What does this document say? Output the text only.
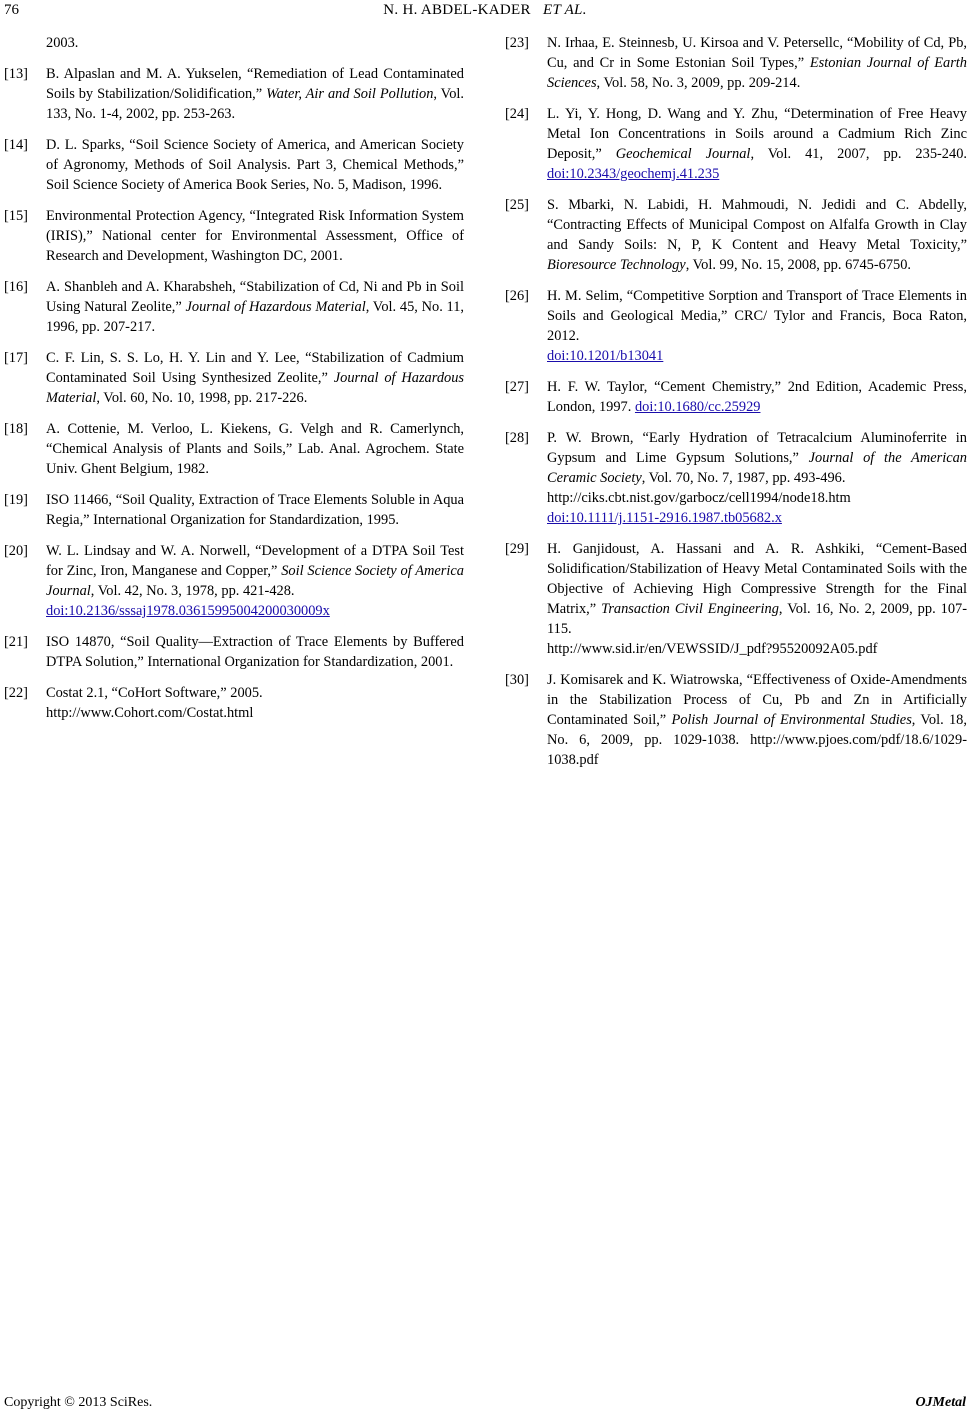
76	N. H. ABDEL-KADER ET AL.
2003.
[13]	B. Alpaslan and M. A. Yukselen, “Remediation of Lead Contaminated Soils by Stabilization/Solidification,” Water, Air and Soil Pollution, Vol. 133, No. 1-4, 2002, pp. 253-263.
[14]	D. L. Sparks, “Soil Science Society of America, and American Society of Agronomy, Methods of Soil Analysis. Part 3, Chemical Methods,” Soil Science Society of America Book Series, No. 5, Madison, 1996.
[15]	Environmental Protection Agency, “Integrated Risk Information System (IRIS),” National center for Environmental Assessment, Office of Research and Development, Washington DC, 2001.
[16]	A. Shanbleh and A. Kharabsheh, “Stabilization of Cd, Ni and Pb in Soil Using Natural Zeolite,” Journal of Hazardous Material, Vol. 45, No. 11, 1996, pp. 207-217.
[17]	C. F. Lin, S. S. Lo, H. Y. Lin and Y. Lee, “Stabilization of Cadmium Contaminated Soil Using Synthesized Zeolite,” Journal of Hazardous Material, Vol. 60, No. 10, 1998, pp. 217-226.
[18]	A. Cottenie, M. Verloo, L. Kiekens, G. Velgh and R. Camerlynch, “Chemical Analysis of Plants and Soils,” Lab. Anal. Agrochem. State Univ. Ghent Belgium, 1982.
[19]	ISO 11466, “Soil Quality, Extraction of Trace Elements Soluble in Aqua Regia,” International Organization for Standardization, 1995.
[20]	W. L. Lindsay and W. A. Norwell, “Development of a DTPA Soil Test for Zinc, Iron, Manganese and Copper,” Soil Science Society of America Journal, Vol. 42, No. 3, 1978, pp. 421-428.
doi:10.2136/sssaj1978.03615995004200030009x
[21]	ISO 14870, “Soil Quality—Extraction of Trace Elements by Buffered DTPA Solution,” International Organization for Standardization, 2001.
[22]	Costat 2.1, “CoHort Software,” 2005.
http://www.Cohort.com/Costat.html
[23]	N. Irhaa, E. Steinnesb, U. Kirsoa and V. Petersellc, “Mobility of Cd, Pb, Cu, and Cr in Some Estonian Soil Types,” Estonian Journal of Earth Sciences, Vol. 58, No. 3, 2009, pp. 209-214.
[24]	L. Yi, Y. Hong, D. Wang and Y. Zhu, “Determination of Free Heavy Metal Ion Concentrations in Soils around a Cadmium Rich Zinc Deposit,” Geochemical Journal, Vol. 41, 2007, pp. 235-240. doi:10.2343/geochemj.41.235
[25]	S. Mbarki, N. Labidi, H. Mahmoudi, N. Jedidi and C. Abdelly, “Contracting Effects of Municipal Compost on Alfalfa Growth in Clay and Sandy Soils: N, P, K Content and Heavy Metal Toxicity,” Bioresource Technology, Vol. 99, No. 15, 2008, pp. 6745-6750.
[26]	H. M. Selim, “Competitive Sorption and Transport of Trace Elements in Soils and Geological Media,” CRC/ Tylor and Francis, Boca Raton, 2012.
doi:10.1201/b13041
[27]	H. F. W. Taylor, “Cement Chemistry,” 2nd Edition, Academic Press, London, 1997. doi:10.1680/cc.25929
[28]	P. W. Brown, “Early Hydration of Tetracalcium Aluminoferrite in Gypsum and Lime Gypsum Solutions,” Journal of the American Ceramic Society, Vol. 70, No. 7, 1987, pp. 493-496.
http://ciks.cbt.nist.gov/garbocz/cell1994/node18.htm
doi:10.1111/j.1151-2916.1987.tb05682.x
[29]	H. Ganjidoust, A. Hassani and A. R. Ashkiki, “Cement-Based Solidification/Stabilization of Heavy Metal Contaminated Soils with the Objective of Achieving High Compressive Strength for the Final Matrix,” Transaction Civil Engineering, Vol. 16, No. 2, 2009, pp. 107-115.
http://www.sid.ir/en/VEWSSID/J_pdf?95520092A05.pdf
[30]	J. Komisarek and K. Wiatrowska, “Effectiveness of Oxide-Amendments in the Stabilization Process of Cu, Pb and Zn in Artificially Contaminated Soil,” Polish Journal of Environmental Studies, Vol. 18, No. 6, 2009, pp. 1029-1038. http://www.pjoes.com/pdf/18.6/1029-1038.pdf
Copyright © 2013 SciRes.	OJMetal
